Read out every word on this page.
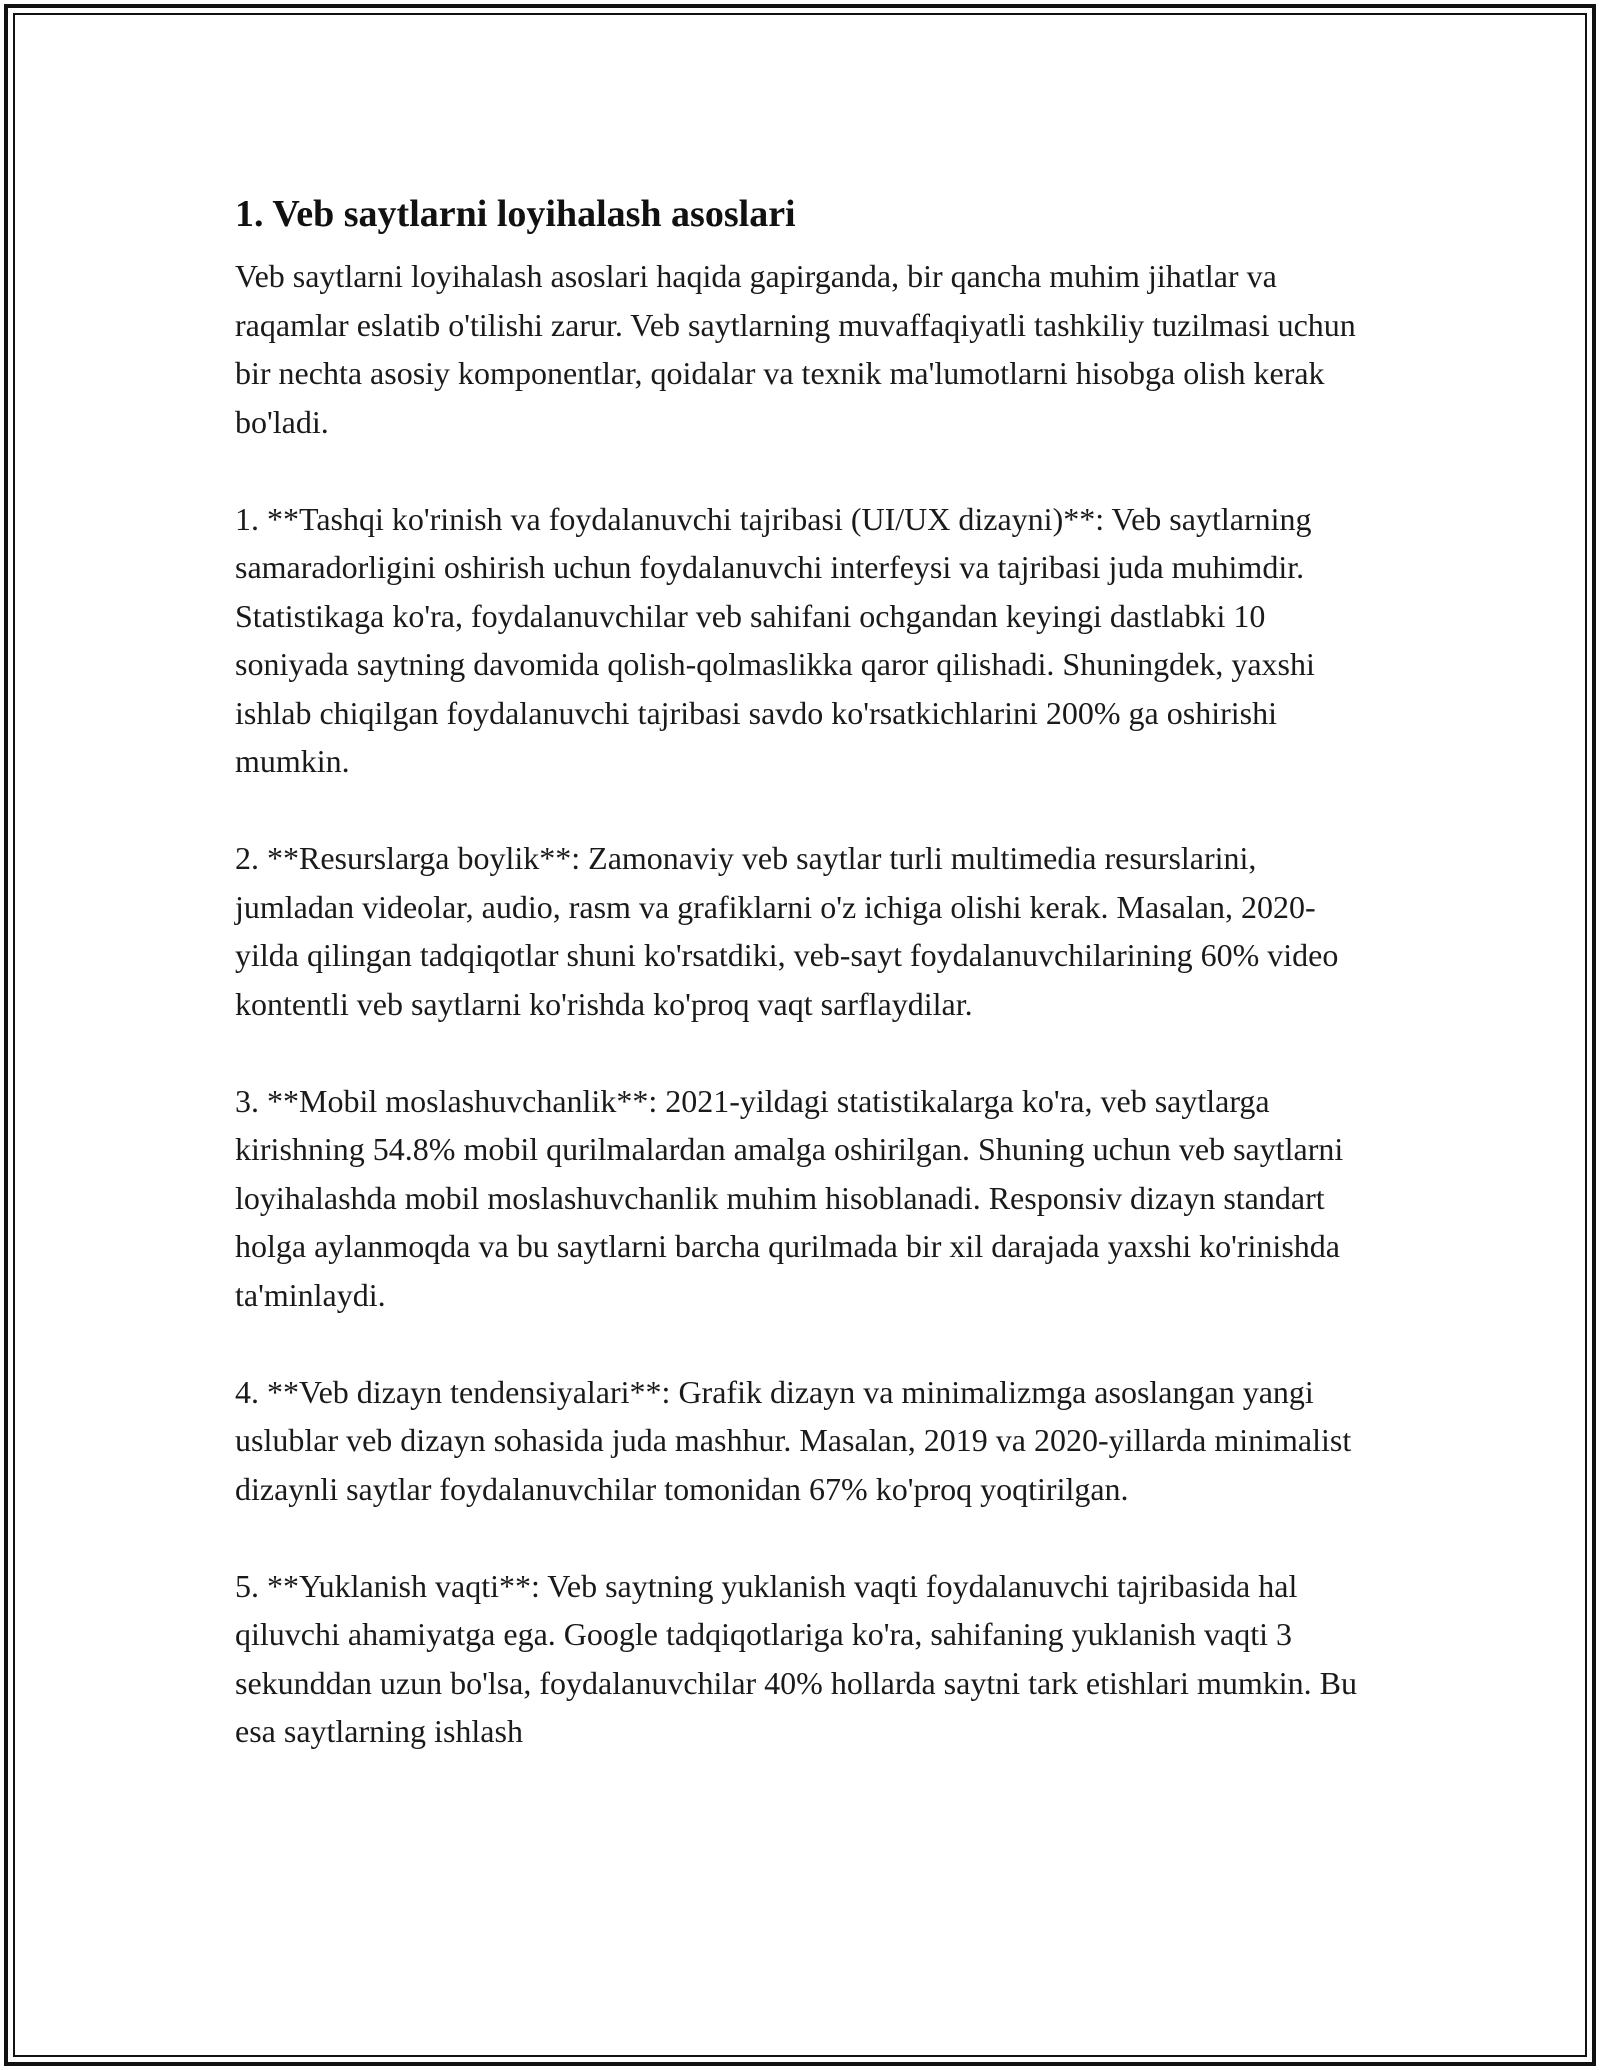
1. Veb saytlarni loyihalash asoslari

Veb saytlarni loyihalash asoslari haqida gapirganda, bir qancha muhim jihatlar va raqamlar eslatib o'tilishi zarur. Veb saytlarning muvaffaqiyatli tashkiliy tuzilmasi uchun bir nechta asosiy komponentlar, qoidalar va texnik ma'lumotlarni hisobga olish kerak bo'ladi.

1. **Tashqi ko'rinish va foydalanuvchi tajribasi (UI/UX dizayni)**: Veb saytlarning samaradorligini oshirish uchun foydalanuvchi interfeysi va tajribasi juda muhimdir. Statistikaga ko'ra, foydalanuvchilar veb sahifani ochgandan keyingi dastlabki 10 soniyada saytning davomida qolish-qolmaslikka qaror qilishadi. Shuningdek, yaxshi ishlab chiqilgan foydalanuvchi tajribasi savdo ko'rsatkichlarini 200% ga oshirishi mumkin.

2. **Resurslarga boylik**: Zamonaviy veb saytlar turli multimedia resurslarini, jumladan videolar, audio, rasm va grafiklarni o'z ichiga olishi kerak. Masalan, 2020-yilda qilingan tadqiqotlar shuni ko'rsatdiki, veb-sayt foydalanuvchilarining 60% video kontentli veb saytlarni ko'rishda ko'proq vaqt sarflaydilar.

3. **Mobil moslashuvchanlik**: 2021-yildagi statistikalarga ko'ra, veb saytlarga kirishning 54.8% mobil qurilmalardan amalga oshirilgan. Shuning uchun veb saytlarni loyihalashda mobil moslashuvchanlik muhim hisoblanadi. Responsiv dizayn standart holga aylanmoqda va bu saytlarni barcha qurilmada bir xil darajada yaxshi ko'rinishda ta'minlaydi.

4. **Veb dizayn tendensiyalari**: Grafik dizayn va minimalizmga asoslangan yangi uslublar veb dizayn sohasida juda mashhur. Masalan, 2019 va 2020-yillarda minimalist dizaynli saytlar foydalanuvchilar tomonidan 67% ko'proq yoqtirilgan.

5. **Yuklanish vaqti**: Veb saytning yuklanish vaqti foydalanuvchi tajribasida hal qiluvchi ahamiyatga ega. Google tadqiqotlariga ko'ra, sahifaning yuklanish vaqti 3 sekunddan uzun bo'lsa, foydalanuvchilar 40% hollarda saytni tark etishlari mumkin. Bu esa saytlarning ishlash
